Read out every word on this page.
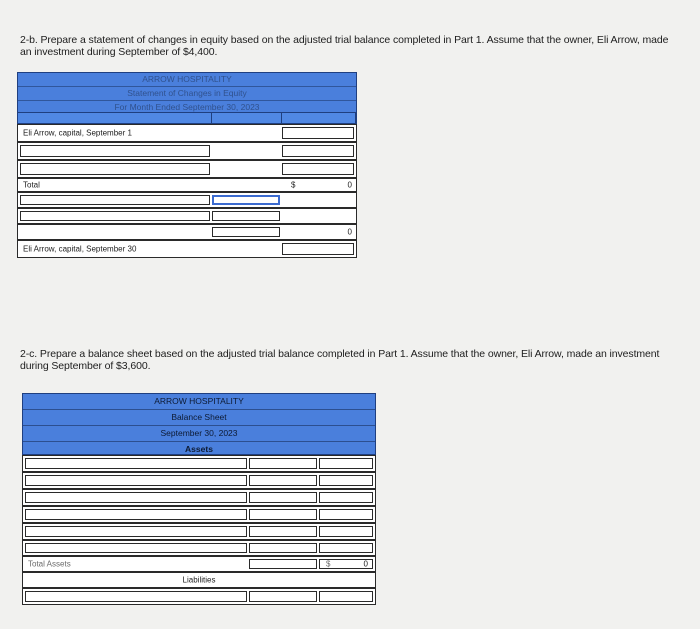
2-b. Prepare a statement of changes in equity based on the adjusted trial balance completed in Part 1. Assume that the owner, Eli Arrow, made an investment during September of $4,400.
ARROW HOSPITALITY
Statement of Changes in Equity
For Month Ended September 30, 2023
Eli Arrow, capital, September 1
Total	$	0
0
Eli Arrow, capital, September 30
2-c. Prepare a balance sheet based on the adjusted trial balance completed in Part 1. Assume that the owner, Eli Arrow, made an investment during September of $3,600.
ARROW HOSPITALITY
Balance Sheet
September 30, 2023
Assets
Total Assets	$	0
Liabilities
